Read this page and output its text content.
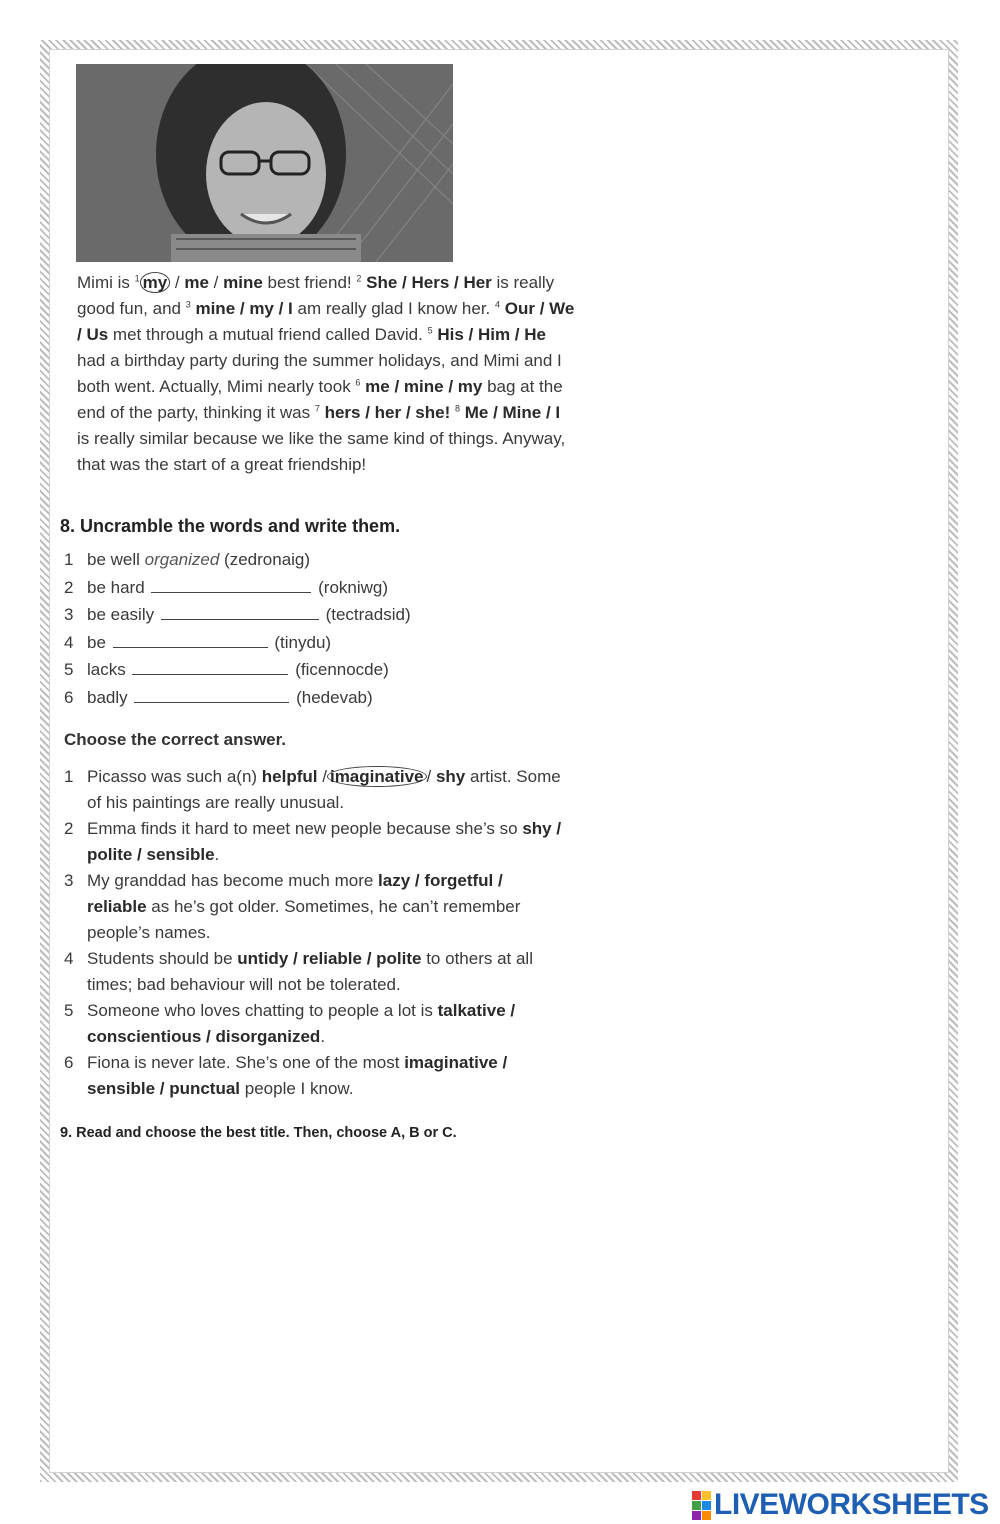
Mimi is $^1$ my / me / mine best friend! $^2$ She / Hers / Her is really good fun, and $^3$ mine / my / I am really glad I know her. $^4$ Our / We / Us met through a mutual friend called David. $^5$ His / Him / He had a birthday party during the summer holidays, and Mimi and I both went. Actually, Mimi nearly took $^6$ me / mine / my bag at the end of the party, thinking it was $^7$ hers / her / she! $^8$ Me / Mine / I is really similar because we like the same kind of things. Anyway, that was the start of a great friendship!
8. Uncramble the words and write them.
1 be well organized (zedronaig)
2 be hard	(rokniwg)
3 be easily	(tectradsid)
4 be	(tinydu)
5 lacks	(ficennocde)
6 badly	(hedevab)
Choose the correct answer.
1 Picasso was such a(n) helpful / imaginative / shy artist. Some of his paintings are really unusual.
2 Emma finds it hard to meet new people because she’s so shy / polite / sensible.
3 My granddad has become much more lazy / forgetful / reliable as he’s got older. Sometimes, he can’t remember people’s names.
4 Students should be untidy / reliable / polite to others at all times; bad behaviour will not be tolerated.
5 Someone who loves chatting to people a lot is talkative / conscientious / disorganized.
6 Fiona is never late. She’s one of the most imaginative / sensible / punctual people I know.
9. Read and choose the best title. Then, choose A, B or C.
LIVEWORKSHEETS
